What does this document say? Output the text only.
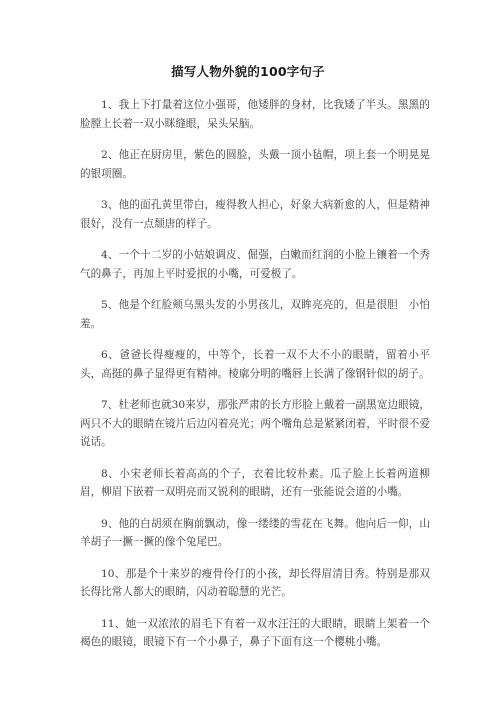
描写人物外貌的100字句子

1、我上下打量着这位小强哥，他矮胖的身材，比我矮了半头。黑黑的脸膛上长着一双小眯缝眼，呆头呆脑。

2、他正在厨房里，紫色的圆脸，头戴一顶小毡帽，项上套一个明晃晃的银项圈。

3、他的面孔黄里带白，瘦得教人担心，好象大病新愈的人，但是精神很好，没有一点颓唐的样子。

4、一个十二岁的小姑娘调皮、倔强，白嫩而红润的小脸上镶着一个秀气的鼻子，再加上平时爱抿的小嘴，可爱极了。

5、他是个红脸颊乌黑头发的小男孩儿，双眸亮亮的，但是很胆　小怕羞。

6、爸爸长得瘦瘦的，中等个，长着一双不大不小的眼睛，留着小平头，高挺的鼻子显得更有精神。棱廓分明的嘴唇上长满了像钢针似的胡子。

7、杜老师也就30来岁，那张严肃的长方形脸上戴着一副黑宽边眼镜，两只不大的眼睛在镜片后边闪着亮光；两个嘴角总是紧紧闭着，平时很不爱说话。

8、小宋老师长着高高的个子，衣着比较朴素。瓜子脸上长着两道柳眉，柳眉下嵌着一双明亮而又锐利的眼睛，还有一张能说会道的小嘴。

9、他的白胡须在胸前飘动，像一缕缕的雪花在飞舞。他向后一仰，山羊胡子一撅一撅的像个兔尾巴。

10、那是个十来岁的瘦骨伶仃的小孩，却长得眉清目秀。特别是那双长得比常人都大的眼睛，闪动着聪慧的光芒。

11、她一双浓浓的眉毛下有着一双水汪汪的大眼睛，眼睛上架着一个褐色的眼镜，眼镜下有一个小鼻子，鼻子下面有这一个樱桃小嘴。
